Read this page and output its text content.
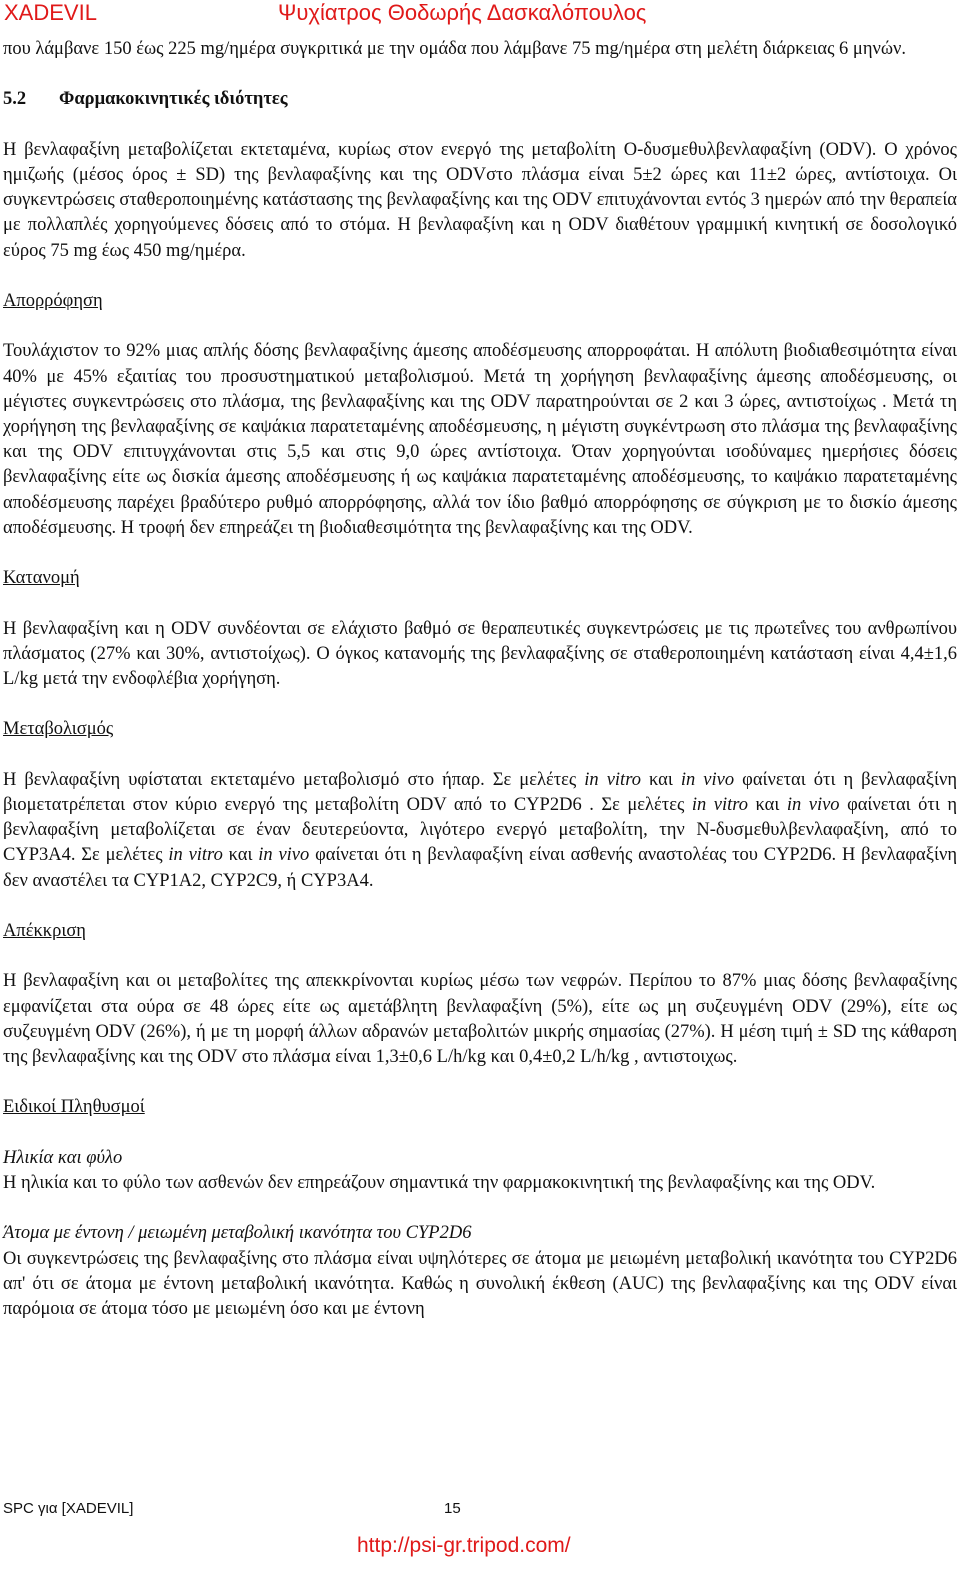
XADEVIL	Ψυχίατρος Θοδωρής Δασκαλόπουλος

που λάμβανε 150 έως 225 mg/ημέρα συγκριτικά με την ομάδα που λάμβανε 75 mg/ημέρα στη μελέτη διάρκειας 6 μηνών.

5.2 Φαρμακοκινητικές ιδιότητες

Η βενλαφαξίνη μεταβολίζεται εκτεταμένα, κυρίως στον ενεργό της μεταβολίτη O-δυσμεθυλβενλαφαξίνη (ODV). Ο χρόνος ημιζωής (μέσος όρος ± SD) της βενλαφαξίνης και της ODVστο πλάσμα είναι 5±2 ώρες και 11±2 ώρες, αντίστοιχα. Οι συγκεντρώσεις σταθεροποιημένης κατάστασης της βενλαφαξίνης και της ODV επιτυχάνονται εντός 3 ημερών από την θεραπεία με πολλαπλές χορηγούμενες δόσεις από το στόμα. Η βενλαφαξίνη και η ODV διαθέτουν γραμμική κινητική σε δοσολογικό εύρος 75 mg έως 450 mg/ημέρα.

Απορρόφηση

Τουλάχιστον το 92% μιας απλής δόσης βενλαφαξίνης άμεσης αποδέσμευσης απορροφάται. Η απόλυτη βιοδιαθεσιμότητα είναι 40% με 45% εξαιτίας του προσυστηματικού μεταβολισμού. Μετά τη χορήγηση βενλαφαξίνης άμεσης αποδέσμευσης, οι μέγιστες συγκεντρώσεις στο πλάσμα, της βενλαφαξίνης και της ODV παρατηρούνται σε 2 και 3 ώρες, αντιστοίχως . Μετά τη χορήγηση της βενλαφαξίνης σε καψάκια παρατεταμένης αποδέσμευσης, η μέγιστη συγκέντρωση στο πλάσμα της βενλαφαξίνης και της ODV επιτυγχάνονται στις 5,5 και στις 9,0 ώρες αντίστοιχα. Όταν χορηγούνται ισοδύναμες ημερήσιες δόσεις βενλαφαξίνης είτε ως δισκία άμεσης αποδέσμευσης ή ως καψάκια παρατεταμένης αποδέσμευσης, το καψάκιο παρατεταμένης αποδέσμευσης παρέχει βραδύτερο ρυθμό απορρόφησης, αλλά τον ίδιο βαθμό απορρόφησης σε σύγκριση με το δισκίο άμεσης αποδέσμευσης. Η τροφή δεν επηρεάζει τη βιοδιαθεσιμότητα της βενλαφαξίνης και της ODV.

Κατανομή

Η βενλαφαξίνη και η ODV συνδέονται σε ελάχιστο βαθμό σε θεραπευτικές συγκεντρώσεις με τις πρωτεΐνες του ανθρωπίνου πλάσματος (27% και 30%, αντιστοίχως). Ο όγκος κατανομής της βενλαφαξίνης σε σταθεροποιημένη κατάσταση είναι 4,4±1,6 L/kg μετά την ενδοφλέβια χορήγηση.

Μεταβολισμός

Η βενλαφαξίνη υφίσταται εκτεταμένο μεταβολισμό στο ήπαρ. Σε μελέτες in vitro και in vivo φαίνεται ότι η βενλαφαξίνη βιομετατρέπεται στον κύριο ενεργό της μεταβολίτη ODV από το CYP2D6 . Σε μελέτες in vitro και in vivo φαίνεται ότι η βενλαφαξίνη μεταβολίζεται σε έναν δευτερεύοντα, λιγότερο ενεργό μεταβολίτη, την N-δυσμεθυλβενλαφαξίνη, από το CYP3A4. Σε μελέτες in vitro και in vivo φαίνεται ότι η βενλαφαξίνη είναι ασθενής αναστολέας του CYP2D6. Η βενλαφαξίνη δεν αναστέλει τα CYP1A2, CYP2C9, ή CYP3A4.

Απέκκριση

Η βενλαφαξίνη και οι μεταβολίτες της απεκκρίνονται κυρίως μέσω των νεφρών. Περίπου το 87% μιας δόσης βενλαφαξίνης εμφανίζεται στα ούρα σε 48 ώρες είτε ως αμετάβλητη βενλαφαξίνη (5%), είτε ως μη συζευγμένη ODV (29%), είτε ως συζευγμένη ODV (26%), ή με τη μορφή άλλων αδρανών μεταβολιτών μικρής σημασίας (27%). Η μέση τιμή ± SD της κάθαρση της βενλαφαξίνης και της ODV στο πλάσμα είναι 1,3±0,6 L/h/kg και 0,4±0,2 L/h/kg , αντιστοιχως.

Ειδικοί Πληθυσμοί

Ηλικία και φύλο

Η ηλικία και το φύλο των ασθενών δεν επηρεάζουν σημαντικά την φαρμακοκινητική της βενλαφαξίνης και της ODV.

Άτομα με έντονη / μειωμένη μεταβολική ικανότητα του CYP2D6

Οι συγκεντρώσεις της βενλαφαξίνης στο πλάσμα είναι υψηλότερες σε άτομα με μειωμένη μεταβολική ικανότητα του CYP2D6 απ' ότι σε άτομα με έντονη μεταβολική ικανότητα. Καθώς η συνολική έκθεση (AUC) της βενλαφαξίνης και της ODV είναι παρόμοια σε άτομα τόσο με μειωμένη όσο και με έντονη

SPC για [XADEVIL]	15
http://psi-gr.tripod.com/
